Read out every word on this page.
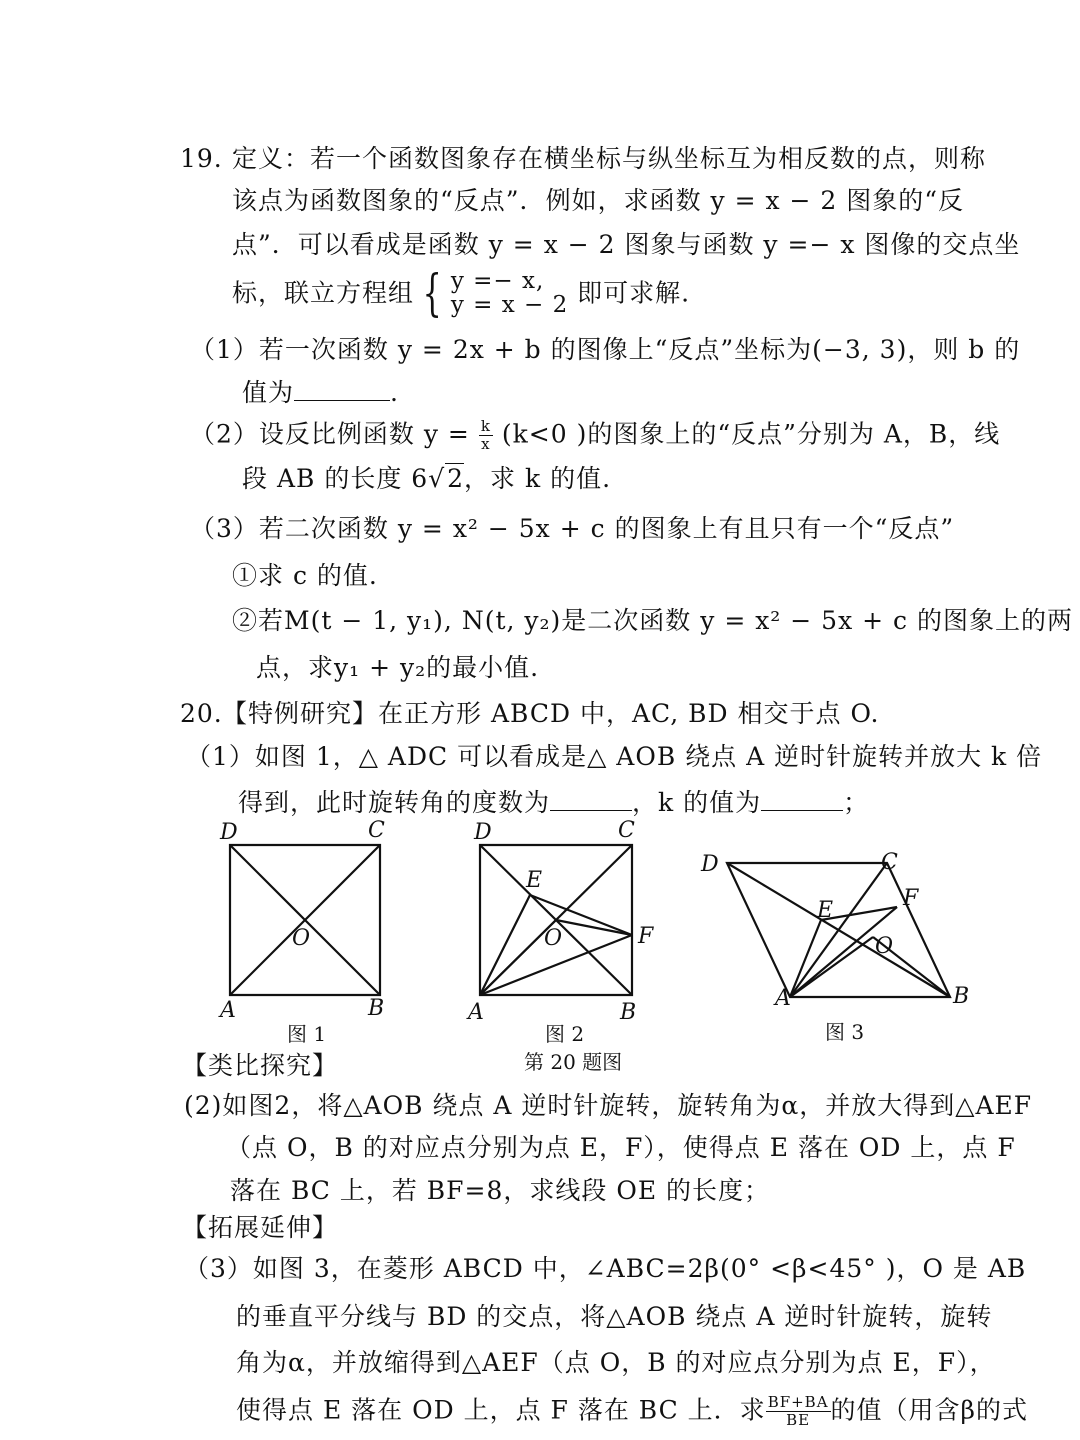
19. 定义：若一个函数图象存在横坐标与纵坐标互为相反数的点，则称

该点为函数图象的“反点”．例如，求函数 y = x − 2 图象的“反

点”．可以看成是函数 y = x − 2 图象与函数 y =− x 图像的交点坐

标，联立方程组 { y =− x,
y = x − 2 即可求解.

（1）若一次函数 y = 2x + b 的图像上“反点”坐标为(−3, 3)，则 b 的

值为	.

（2）设反比例函数 $y = \frac{k}{x} (k<0$ )的图象上的“反点”分别为 A，B，线

段 AB 的长度 6√2，求 k 的值.

（3）若二次函数 y = x² − 5x + c 的图象上有且只有一个“反点”

①求 c 的值.

②若M(t − 1, y₁), N(t, y₂)是二次函数 y = x² − 5x + c 的图象上的两

点，求y₁ + y₂的最小值.

20. 【特例研究】在正方形 ABCD 中，AC, BD 相交于点 O.

（1）如图 1，△ ADC 可以看成是△ AOB 绕点 A 逆时针旋转并放大 k 倍

得到，此时旋转角的度数为	，k 的值为	；

D	C
A	B
O
图 1
D	C
E
O	F
A	B
图 2
D	C
F
E
O
A	B
图 3
第 20 题图

【类比探究】

(2)如图2，将△AOB 绕点 A 逆时针旋转，旋转角为α，并放大得到△AEF

（点 O，B 的对应点分别为点 E，F），使得点 E 落在 OD 上，点 F

落在 BC 上，若 BF=8，求线段 OE 的长度；

【拓展延伸】

（3）如图 3，在菱形 ABCD 中，∠ABC=2β(0° <β<45° )，O 是 AB

的垂直平分线与 BD 的交点，将△AOB 绕点 A 逆时针旋转，旋转

角为α，并放缩得到△AEF（点 O，B 的对应点分别为点 E，F），

使得点 E 落在 OD 上，点 F 落在 BC 上．求 $\frac{BF+BA}{BE}$ 的值（用含β的式
